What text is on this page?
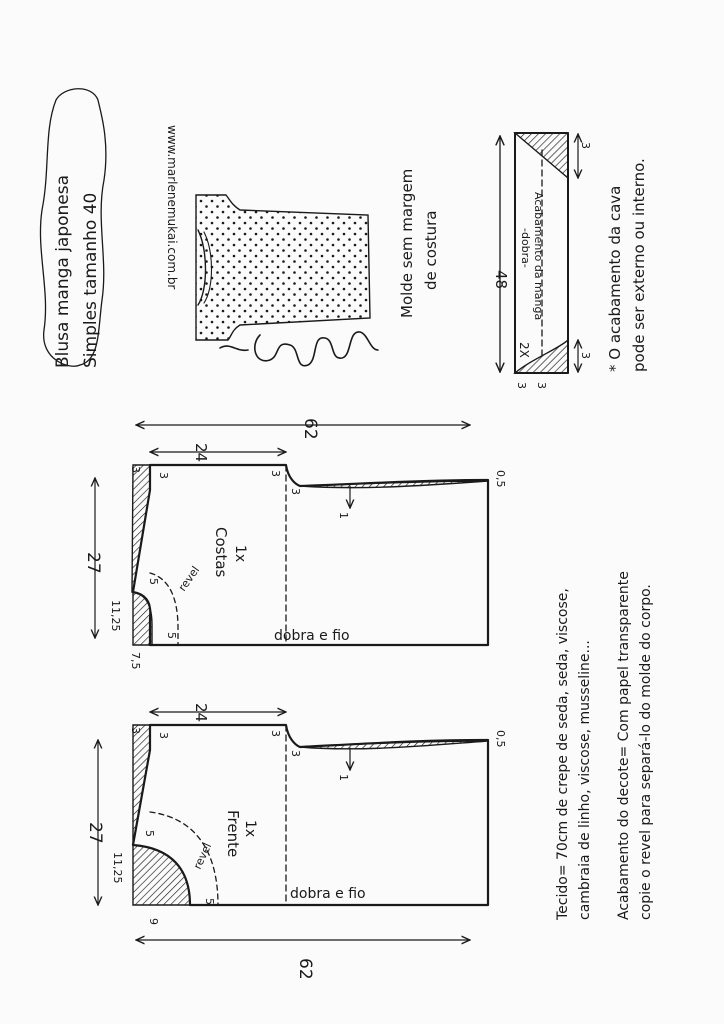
Blusa manga japonesa Simples tamanho 40	www.marlenemukai.com.br	Molde sem margem de costura	48
-dobra- Acabamento da manga
2X
3
3
3 3
* O acabamento da cava pode ser externo ou interno.
62
24
27
3
3	3
3
0,5
1
11,25
7,5
5
5
revel
Costas 1x
dobra e fio
62
24
27
3
3	3
3
0,5
1
11,25
9
5
5
revel Frente 1x
dobra e fio	Tecido= 70cm de crepe de seda, seda, viscose, cambraia de linho, viscose, musseline... Acabamento do decote= Com papel transparente copie o revel para separá-lo do molde do corpo.
